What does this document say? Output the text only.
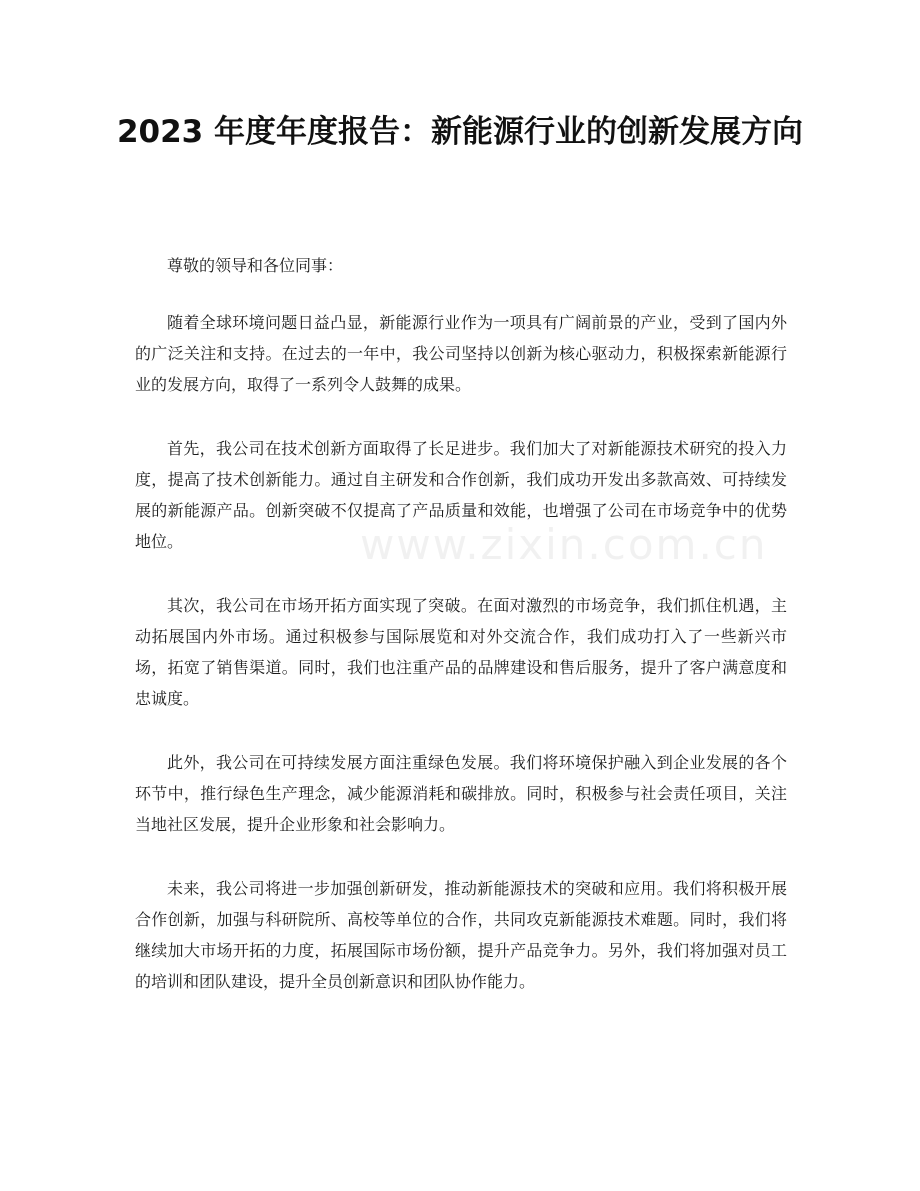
2023 年度年度报告：新能源行业的创新发展方向
www.zixin.com.cn

尊敬的领导和各位同事：

随着全球环境问题日益凸显，新能源行业作为一项具有广阔前景的产业，受到了国内外的广泛关注和支持。在过去的一年中，我公司坚持以创新为核心驱动力，积极探索新能源行业的发展方向，取得了一系列令人鼓舞的成果。

首先，我公司在技术创新方面取得了长足进步。我们加大了对新能源技术研究的投入力度，提高了技术创新能力。通过自主研发和合作创新，我们成功开发出多款高效、可持续发展的新能源产品。创新突破不仅提高了产品质量和效能，也增强了公司在市场竞争中的优势地位。

其次，我公司在市场开拓方面实现了突破。在面对激烈的市场竞争，我们抓住机遇，主动拓展国内外市场。通过积极参与国际展览和对外交流合作，我们成功打入了一些新兴市场，拓宽了销售渠道。同时，我们也注重产品的品牌建设和售后服务，提升了客户满意度和忠诚度。

此外，我公司在可持续发展方面注重绿色发展。我们将环境保护融入到企业发展的各个环节中，推行绿色生产理念，减少能源消耗和碳排放。同时，积极参与社会责任项目，关注当地社区发展，提升企业形象和社会影响力。

未来，我公司将进一步加强创新研发，推动新能源技术的突破和应用。我们将积极开展合作创新，加强与科研院所、高校等单位的合作，共同攻克新能源技术难题。同时，我们将继续加大市场开拓的力度，拓展国际市场份额，提升产品竞争力。另外，我们将加强对员工的培训和团队建设，提升全员创新意识和团队协作能力。
